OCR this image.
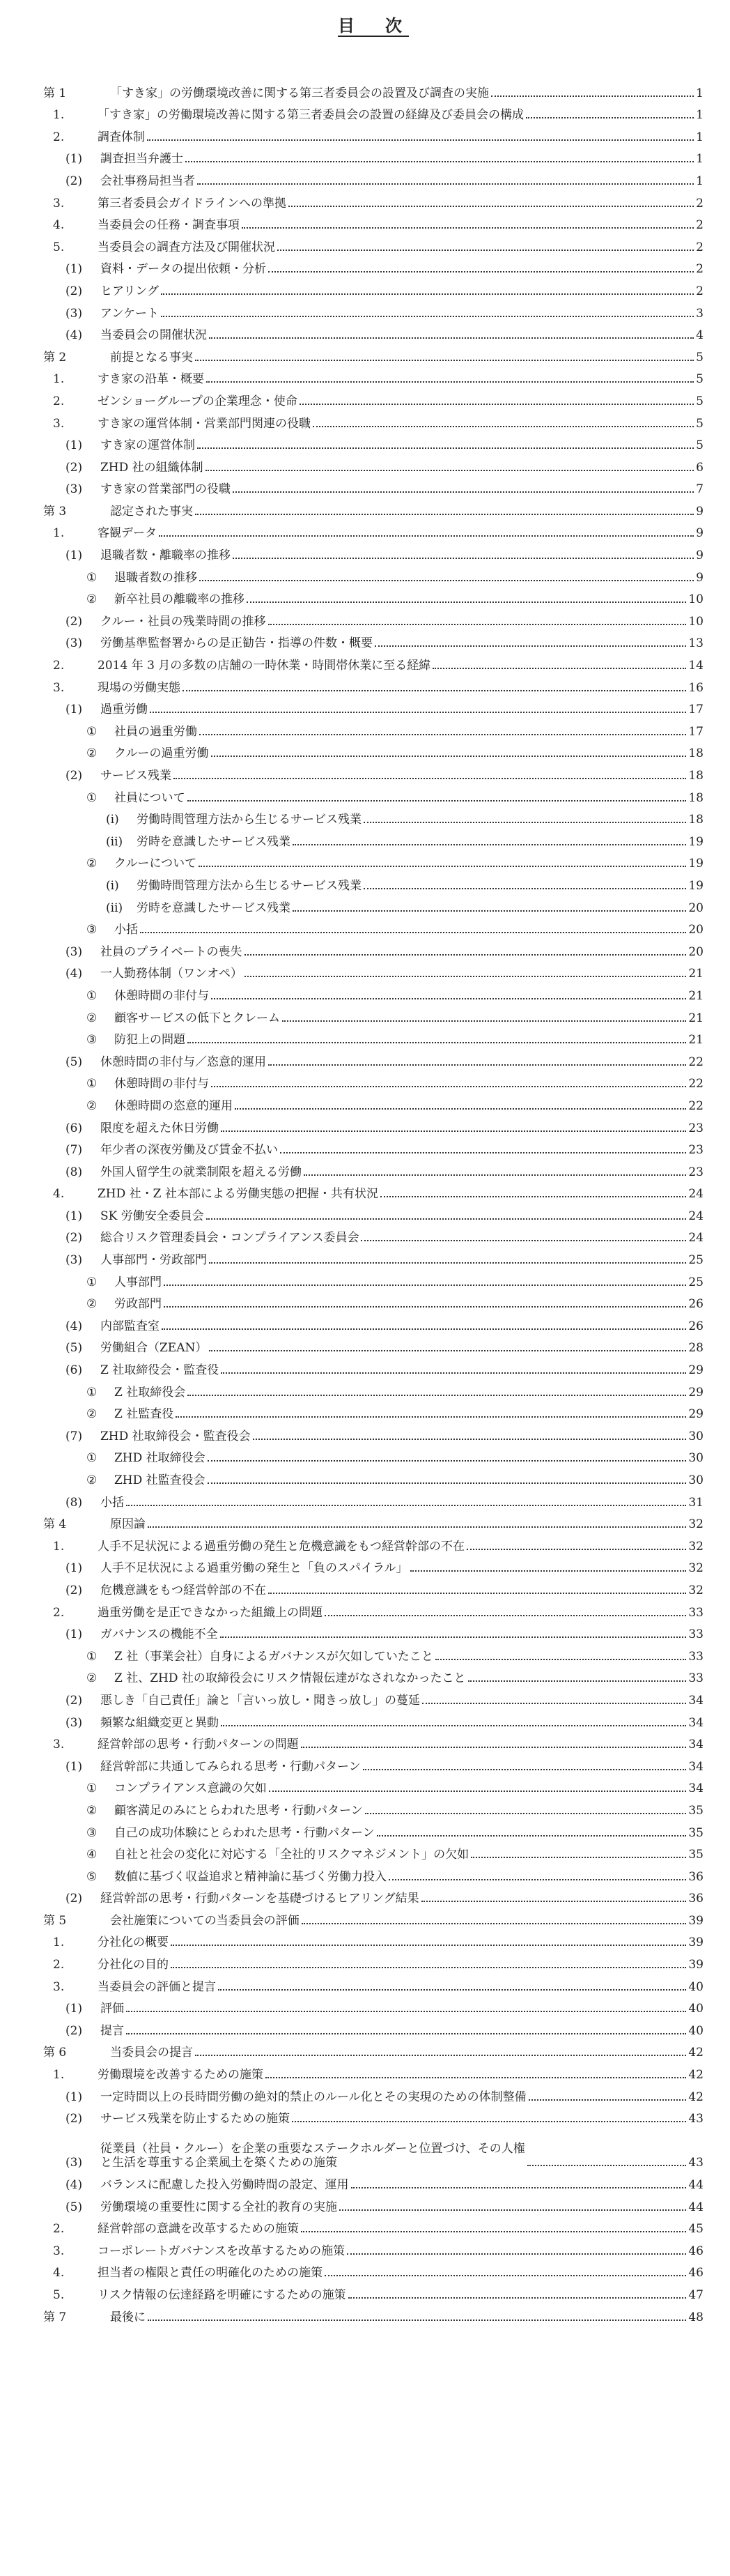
目　次
第 1	「すき家」の労働環境改善に関する第三者委員会の設置及び調査の実施	1
1.	「すき家」の労働環境改善に関する第三者委員会の設置の経緯及び委員会の構成	1
2.	調査体制	1
(1)	調査担当弁護士	1
(2)	会社事務局担当者	1
3.	第三者委員会ガイドラインへの準拠	2
4.	当委員会の任務・調査事項	2
5.	当委員会の調査方法及び開催状況	2
(1)	資料・データの提出依頼・分析	2
(2)	ヒアリング	2
(3)	アンケート	3
(4)	当委員会の開催状況	4
第 2	前提となる事実	5
1.	すき家の沿革・概要	5
2.	ゼンショーグループの企業理念・使命	5
3.	すき家の運営体制・営業部門関連の役職	5
(1)	すき家の運営体制	5
(2)	ZHD 社の組織体制	6
(3)	すき家の営業部門の役職	7
第 3	認定された事実	9
1.	客観データ	9
(1)	退職者数・離職率の推移	9
①	退職者数の推移	9
②	新卒社員の離職率の推移	10
(2)	クルー・社員の残業時間の推移	10
(3)	労働基準監督署からの是正勧告・指導の件数・概要	13
2.	2014 年 3 月の多数の店舗の一時休業・時間帯休業に至る経緯	14
3.	現場の労働実態	16
(1)	過重労働	17
①	社員の過重労働	17
②	クルーの過重労働	18
(2)	サービス残業	18
①	社員について	18
(i)	労働時間管理方法から生じるサービス残業	18
(ii)	労時を意識したサービス残業	19
②	クルーについて	19
(i)	労働時間管理方法から生じるサービス残業	19
(ii)	労時を意識したサービス残業	20
③	小括	20
(3)	社員のプライベートの喪失	20
(4)	一人勤務体制（ワンオペ）	21
①	休憩時間の非付与	21
②	顧客サービスの低下とクレーム	21
③	防犯上の問題	21
(5)	休憩時間の非付与／恣意的運用	22
①	休憩時間の非付与	22
②	休憩時間の恣意的運用	22
(6)	限度を超えた休日労働	23
(7)	年少者の深夜労働及び賃金不払い	23
(8)	外国人留学生の就業制限を超える労働	23
4.	ZHD 社・Z 社本部による労働実態の把握・共有状況	24
(1)	SK 労働安全委員会	24
(2)	総合リスク管理委員会・コンプライアンス委員会	24
(3)	人事部門・労政部門	25
①	人事部門	25
②	労政部門	26
(4)	内部監査室	26
(5)	労働組合（ZEAN）	28
(6)	Z 社取締役会・監査役	29
①	Z 社取締役会	29
②	Z 社監査役	29
(7)	ZHD 社取締役会・監査役会	30
①	ZHD 社取締役会	30
②	ZHD 社監査役会	30
(8)	小括	31
第 4	原因論	32
1.	人手不足状況による過重労働の発生と危機意識をもつ経営幹部の不在	32
(1)	人手不足状況による過重労働の発生と「負のスパイラル」	32
(2)	危機意識をもつ経営幹部の不在	32
2.	過重労働を是正できなかった組織上の問題	33
(1)	ガバナンスの機能不全	33
①	Z 社（事業会社）自身によるガバナンスが欠如していたこと	33
②	Z 社、ZHD 社の取締役会にリスク情報伝達がなされなかったこと	33
(2)	悪しき「自己責任」論と「言いっ放し・聞きっ放し」の蔓延	34
(3)	頻繁な組織変更と異動	34
3.	経営幹部の思考・行動パターンの問題	34
(1)	経営幹部に共通してみられる思考・行動パターン	34
①	コンプライアンス意識の欠如	34
②	顧客満足のみにとらわれた思考・行動パターン	35
③	自己の成功体験にとらわれた思考・行動パターン	35
④	自社と社会の変化に対応する「全社的リスクマネジメント」の欠如	35
⑤	数値に基づく収益追求と精神論に基づく労働力投入	36
(2)	経営幹部の思考・行動パターンを基礎づけるヒアリング結果	36
第 5	会社施策についての当委員会の評価	39
1.	分社化の概要	39
2.	分社化の目的	39
3.	当委員会の評価と提言	40
(1)	評価	40
(2)	提言	40
第 6	当委員会の提言	42
1.	労働環境を改善するための施策	42
(1)	一定時間以上の長時間労働の絶対的禁止のルール化とその実現のための体制整備	42
(2)	サービス残業を防止するための施策	43
(3)
従業員（社員・クルー）を企業の重要なステークホルダーと位置づけ、その人権
と生活を尊重する企業風土を築くための施策	43
(4)	バランスに配慮した投入労働時間の設定、運用	44
(5)	労働環境の重要性に関する全社的教育の実施	44
2.	経営幹部の意識を改革するための施策	45
3.	コーポレートガバナンスを改革するための施策	46
4.	担当者の権限と責任の明確化のための施策	46
5.	リスク情報の伝達経路を明確にするための施策	47
第 7	最後に	48
